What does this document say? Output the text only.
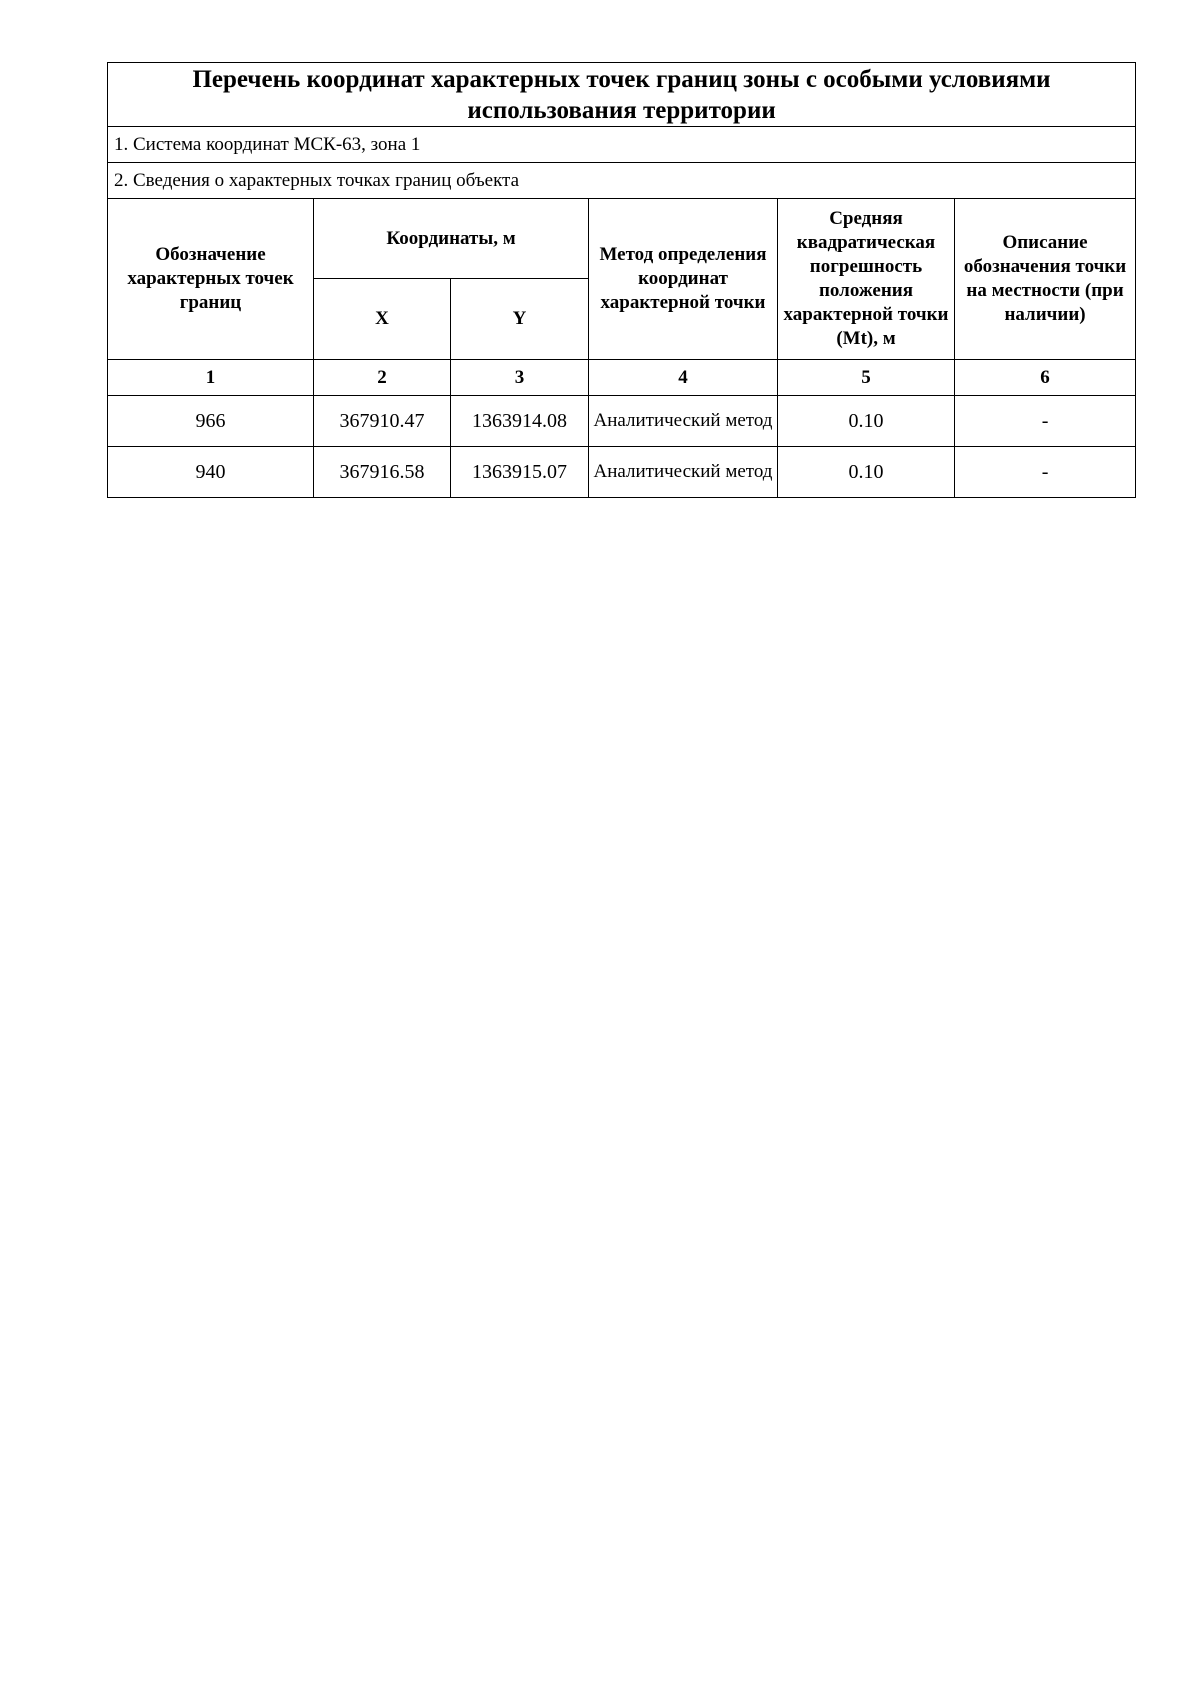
Перечень координат характерных точек границ зоны с особыми условиями использования территории					
1. Система координат МСК-63, зона 1					
2. Сведения о характерных точках границ объекта					
Обозначение характерных точек границ	Координаты, м		Метод определения координат характерной точки	Средняя квадратическая погрешность положения характерной точки (Mt), м	Описание обозначения точки на местности (при наличии)
	X	Y			
1	2	3	4	5	6
966	367910.47	1363914.08	Аналитический метод	0.10	-
940	367916.58	1363915.07	Аналитический метод	0.10	-
